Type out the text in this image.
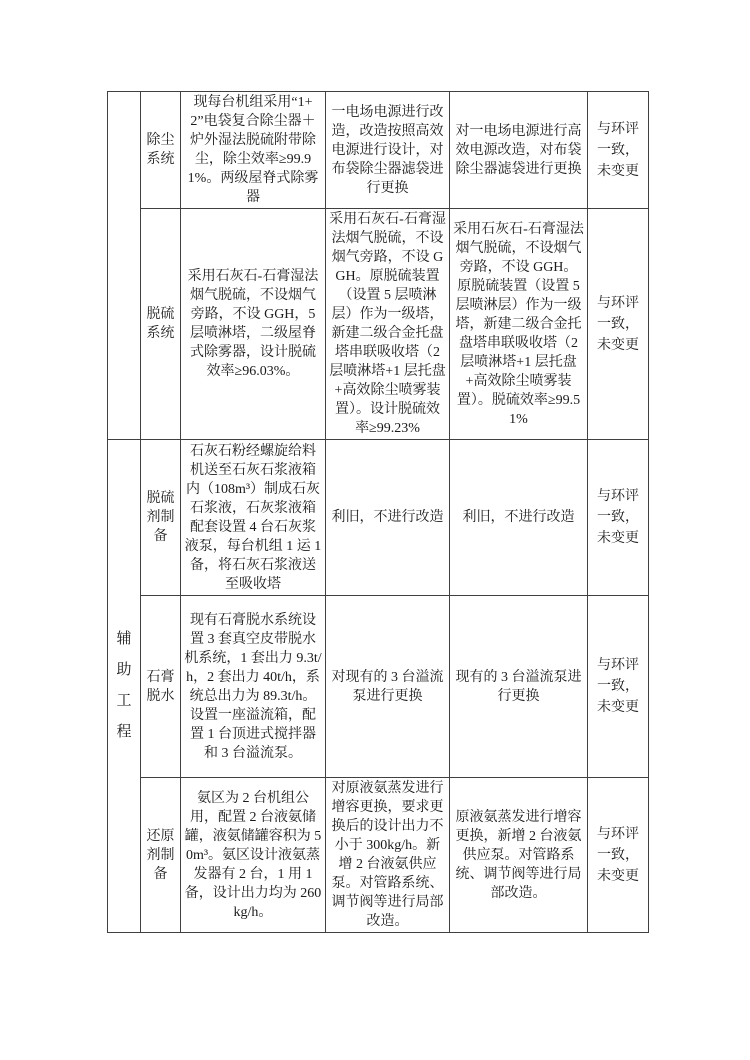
	除尘系统	现每台机组采用“1+2”电袋复合除尘器＋炉外湿法脱硫附带除尘，除尘效率≥99.91%。两级屋脊式除雾器	一电场电源进行改造，改造按照高效电源进行设计，对布袋除尘器滤袋进行更换	对一电场电源进行高效电源改造，对布袋除尘器滤袋进行更换	与环评一致，未变更
	脱硫系统	采用石灰石-石膏湿法烟气脱硫，不设烟气旁路，不设 GGH，5 层喷淋塔，二级屋脊式除雾器，设计脱硫效率≥96.03%。	采用石灰石-石膏湿法烟气脱硫，不设烟气旁路，不设 GGH。原脱硫装置（设置 5 层喷淋层）作为一级塔，新建二级合金托盘塔串联吸收塔（2 层喷淋塔+1 层托盘+高效除尘喷雾装置）。设计脱硫效率≥99.23%	采用石灰石-石膏湿法烟气脱硫，不设烟气旁路，不设 GGH。原脱硫装置（设置 5 层喷淋层）作为一级塔，新建二级合金托盘塔串联吸收塔（2 层喷淋塔+1 层托盘+高效除尘喷雾装置）。脱硫效率≥99.51%	与环评一致，未变更

辅助工程	脱硫剂制备	石灰石粉经螺旋给料机送至石灰石浆液箱内（108m³）制成石灰石浆液，石灰浆液箱配套设置 4 台石灰浆液泵，每台机组 1 运 1 备，将石灰石浆液送至吸收塔	利旧，不进行改造	利旧，不进行改造	与环评一致，未变更
	石膏脱水	现有石膏脱水系统设置 3 套真空皮带脱水机系统，1 套出力 9.3t/h，2 套出力 40t/h，系统总出力为 89.3t/h。设置一座溢流箱，配置 1 台顶进式搅拌器和 3 台溢流泵。	对现有的 3 台溢流泵进行更换	现有的 3 台溢流泵进行更换	与环评一致，未变更
	还原剂制备	氨区为 2 台机组公用，配置 2 台液氨储罐，液氨储罐容积为 50m³。氨区设计液氨蒸发器有 2 台，1 用 1 备，设计出力均为 260kg/h。	对原液氨蒸发进行增容更换，要求更换后的设计出力不小于 300kg/h。新增 2 台液氨供应泵。对管路系统、调节阀等进行局部改造。	原液氨蒸发进行增容更换，新增 2 台液氨供应泵。对管路系统、调节阀等进行局部改造。	与环评一致，未变更
